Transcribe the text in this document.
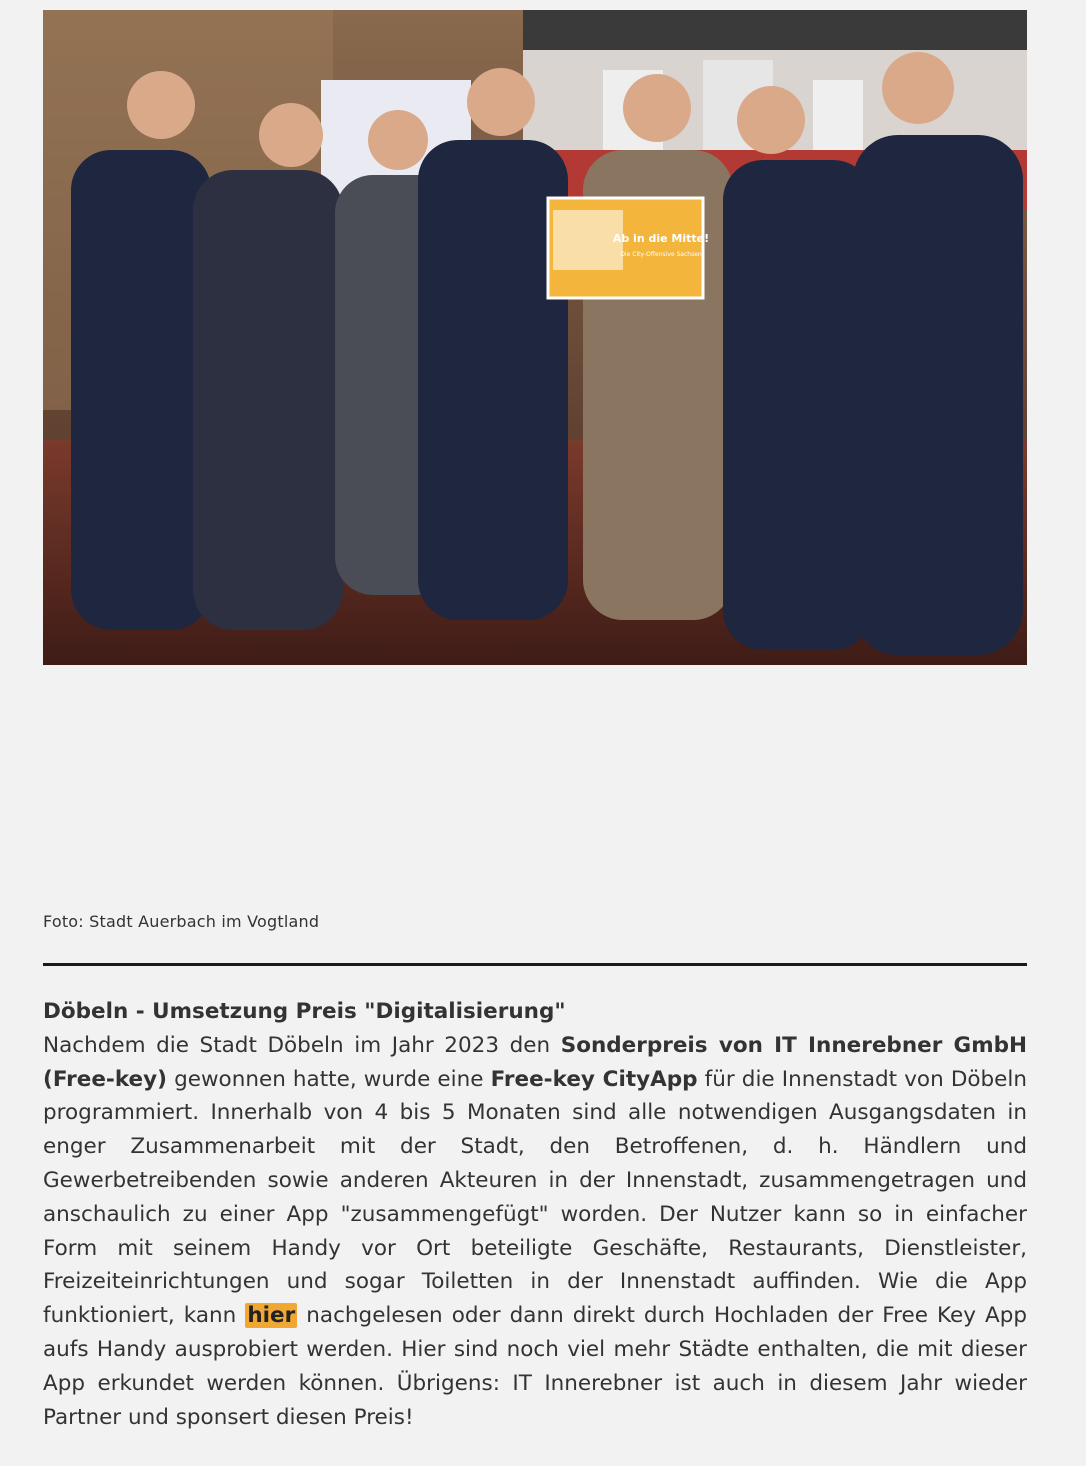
Ab in die Mitte!
Die City-Offensive Sachsen
Foto: Stadt Auerbach im Vogtland
Döbeln - Umsetzung Preis "Digitalisierung"

Nachdem die Stadt Döbeln im Jahr 2023 den Sonderpreis von IT Innerebner GmbH (Free-key) gewonnen hatte, wurde eine Free-key CityApp für die Innenstadt von Döbeln programmiert. Innerhalb von 4 bis 5 Monaten sind alle notwendigen Ausgangsdaten in enger Zusammenarbeit mit der Stadt, den Betroffenen, d. h. Händlern und Gewerbetreibenden sowie anderen Akteuren in der Innenstadt, zusammengetragen und anschaulich zu einer App "zusammengefügt" worden. Der Nutzer kann so in einfacher Form mit seinem Handy vor Ort beteiligte Geschäfte, Restaurants, Dienstleister, Freizeiteinrichtungen und sogar Toiletten in der Innenstadt auffinden. Wie die App funktioniert, kann hier nachgelesen oder dann direkt durch Hochladen der Free Key App aufs Handy ausprobiert werden. Hier sind noch viel mehr Städte enthalten, die mit dieser App erkundet werden können. Übrigens: IT Innerebner ist auch in diesem Jahr wieder Partner und sponsert diesen Preis!
